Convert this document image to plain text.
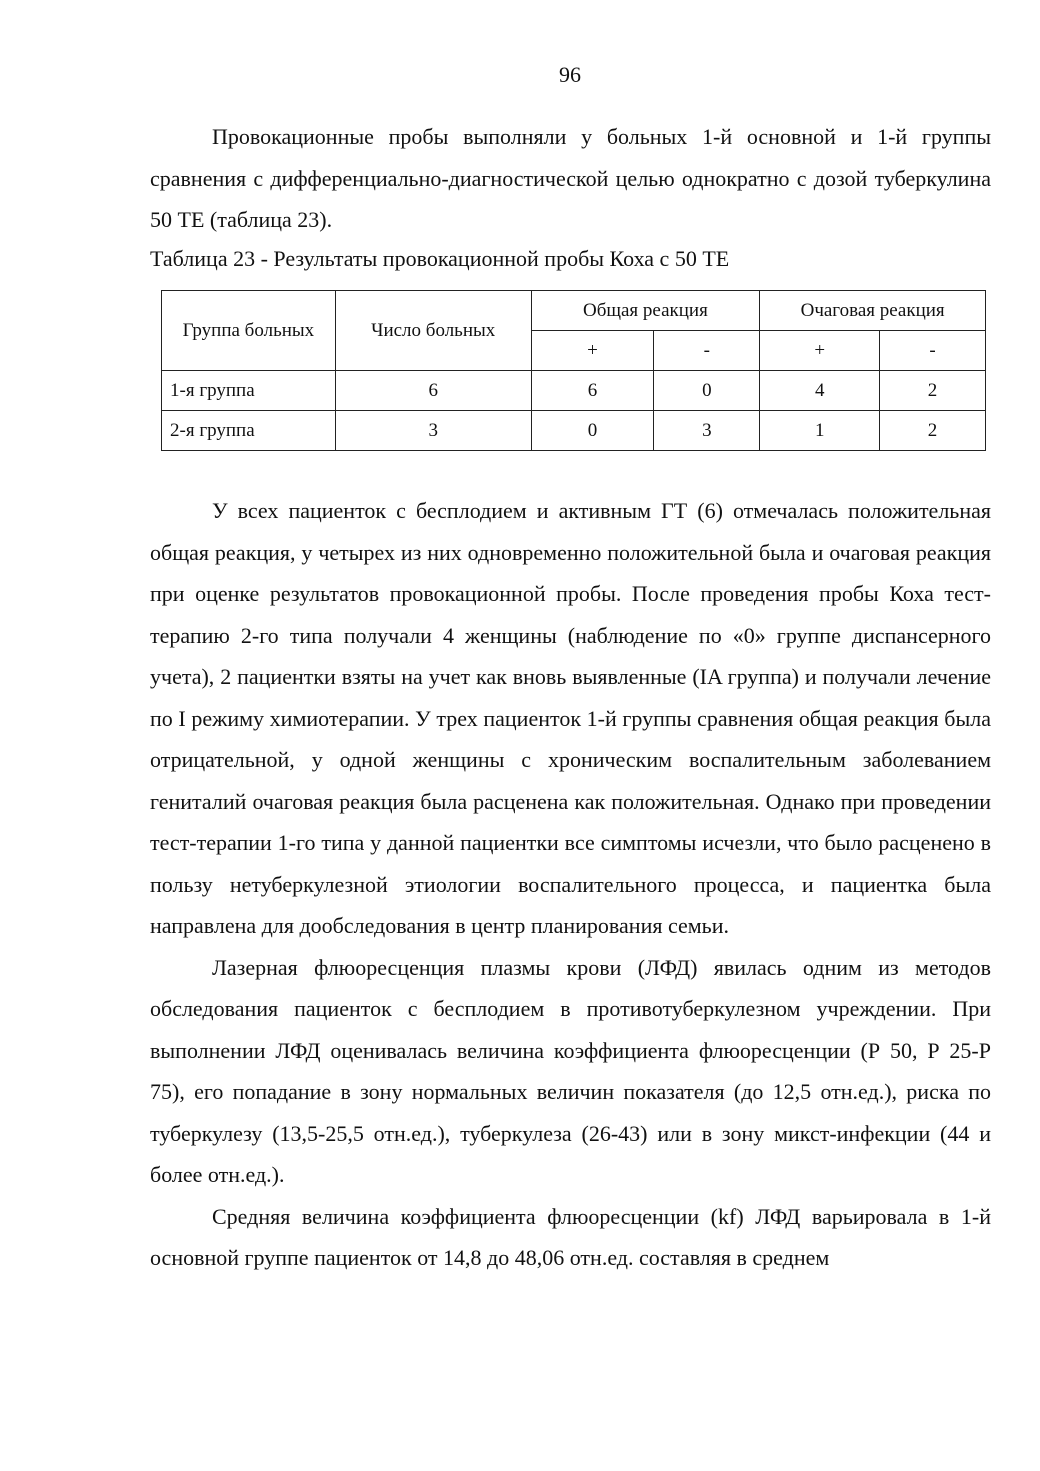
96

Провокационные пробы выполняли у больных 1-й основной и 1-й группы сравнения с дифференциально-диагностической целью однократно с дозой туберкулина 50 ТЕ (таблица 23).

Таблица 23 - Результаты провокационной пробы Коха с 50 ТЕ
Группа больных	Число больных	Общая реакция		Очаговая реакция	
		+	-	+	-
1-я группа	6	6	0	4	2
2-я группа	3	0	3	1	2

У всех пациенток с бесплодием и активным ГТ (6) отмечалась положительная общая реакция, у четырех из них одновременно положительной была и очаговая реакция при оценке результатов провокационной пробы. После проведения пробы Коха тест-терапию 2-го типа получали 4 женщины (наблюдение по «0» группе диспансерного учета), 2 пациентки взяты на учет как вновь выявленные (IA группа) и получали лечение по I режиму химиотерапии. У трех пациенток 1-й группы сравнения общая реакция была отрицательной, у одной женщины с хроническим воспалительным заболеванием гениталий очаговая реакция была расценена как положительная. Однако при проведении тест-терапии 1-го типа у данной пациентки все симптомы исчезли, что было расценено в пользу нетуберкулезной этиологии воспалительного процесса, и пациентка была направлена для дообследования в центр планирования семьи.

Лазерная флюоресценция плазмы крови (ЛФД) явилась одним из методов обследования пациенток с бесплодием в противотуберкулезном учреждении. При выполнении ЛФД оценивалась величина коэффициента флюоресценции (Р 50, Р 25-Р 75), его попадание в зону нормальных величин показателя (до 12,5 отн.ед.), риска по туберкулезу (13,5-25,5 отн.ед.), туберкулеза (26-43) или в зону микст-инфекции (44 и более отн.ед.).

Средняя величина коэффициента флюоресценции (kf) ЛФД варьировала в 1-й основной группе пациенток от 14,8 до 48,06 отн.ед. составляя в среднем
